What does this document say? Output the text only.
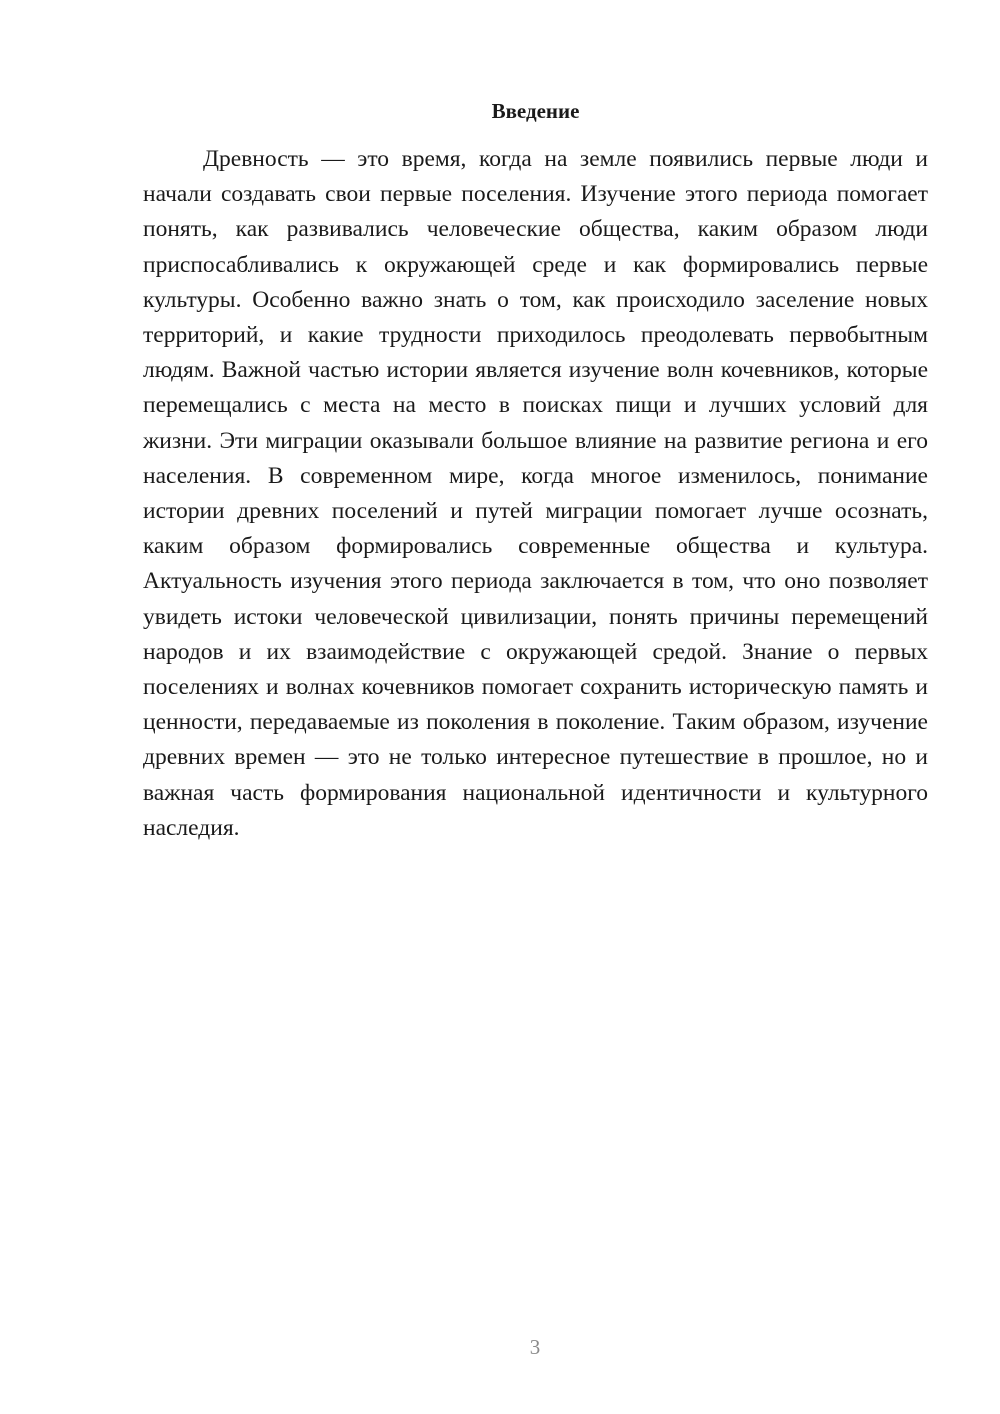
Введение

Древность — это время, когда на земле появились первые люди и начали создавать свои первые поселения. Изучение этого периода помогает понять, как развивались человеческие общества, каким образом люди приспосабливались к окружающей среде и как формировались первые культуры. Особенно важно знать о том, как происходило заселение новых территорий, и какие трудности приходилось преодолевать первобытным людям. Важной частью истории является изучение волн кочевников, которые перемещались с места на место в поисках пищи и лучших условий для жизни. Эти миграции оказывали большое влияние на развитие региона и его населения. В современном мире, когда многое изменилось, понимание истории древних поселений и путей миграции помогает лучше осознать, каким образом формировались современные общества и культура. Актуальность изучения этого периода заключается в том, что оно позволяет увидеть истоки человеческой цивилизации, понять причины перемещений народов и их взаимодействие с окружающей средой. Знание о первых поселениях и волнах кочевников помогает сохранить историческую память и ценности, передаваемые из поколения в поколение. Таким образом, изучение древних времен — это не только интересное путешествие в прошлое, но и важная часть формирования национальной идентичности и культурного наследия.

3
